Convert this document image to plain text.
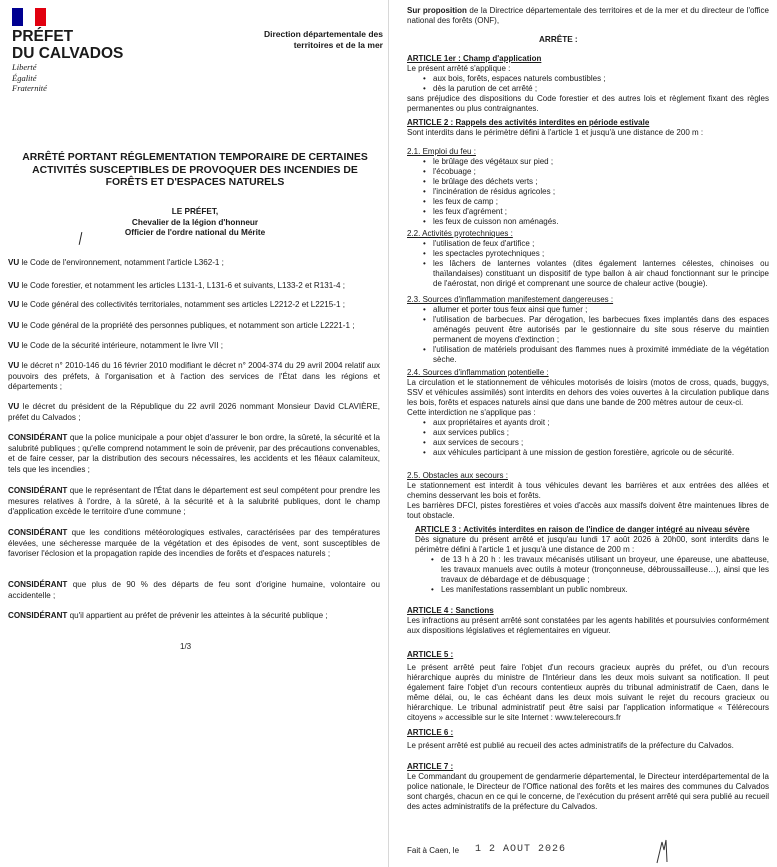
PRÉFET
DU CALVADOS
Liberté
Égalité
Fraternité
Direction départementale des
territoires et de la mer
ARRÊTÉ PORTANT RÉGLEMENTATION TEMPORAIRE DE CERTAINES ACTIVITÉS SUSCEPTIBLES DE PROVOQUER DES INCENDIES DE FORÊTS ET D'ESPACES NATURELS
LE PRÉFET,
Chevalier de la légion d'honneur
Officier de l'ordre national du Mérite
VU le Code de l'environnement, notamment l'article L362-1 ;
VU le Code forestier, et notamment les articles L131-1, L131-6 et suivants, L133-2 et R131-4 ;
VU le Code général des collectivités territoriales, notamment ses articles L2212-2 et L2215-1 ;
VU le Code général de la propriété des personnes publiques, et notamment son article L2221-1 ;
VU le Code de la sécurité intérieure, notamment le livre VII ;
VU le décret n° 2010-146 du 16 février 2010 modifiant le décret n° 2004-374 du 29 avril 2004 relatif aux pouvoirs des préfets, à l'organisation et à l'action des services de l'État dans les régions et départements ;
VU le décret du président de la République du 22 avril 2026 nommant Monsieur David CLAVIÈRE, préfet du Calvados ;
CONSIDÉRANT que la police municipale a pour objet d'assurer le bon ordre, la sûreté, la sécurité et la salubrité publiques ; qu'elle comprend notamment le soin de prévenir, par des précautions convenables, et de faire cesser, par la distribution des secours nécessaires, les accidents et les fléaux calamiteux, tels que les incendies ;
CONSIDÉRANT que le représentant de l'État dans le département est seul compétent pour prendre les mesures relatives à l'ordre, à la sûreté, à la sécurité et à la salubrité publiques, dont le champ d'application excède le territoire d'une commune ;
CONSIDÉRANT que les conditions météorologiques estivales, caractérisées par des températures élevées, une sécheresse marquée de la végétation et des épisodes de vent, sont susceptibles de favoriser l'éclosion et la propagation rapide des incendies de forêts et d'espaces naturels ;
CONSIDÉRANT que plus de 90 % des départs de feu sont d'origine humaine, volontaire ou accidentelle ;
CONSIDÉRANT qu'il appartient au préfet de prévenir les atteintes à la sécurité publique ;
1/3
Sur proposition de la Directrice départementale des territoires et de la mer et du directeur de l'office national des forêts (ONF),
ARRÊTE :
ARTICLE 1er : Champ d'application
Le présent arrêté s'applique :
• aux bois, forêts, espaces naturels combustibles ;
• dès la parution de cet arrêté ;
sans préjudice des dispositions du Code forestier et des autres lois et règlement fixant des règles permanentes ou plus contraignantes.
ARTICLE 2 : Rappels des activités interdites en période estivale
Sont interdits dans le périmètre défini à l'article 1 et jusqu'à une distance de 200 m :
2.1. Emploi du feu :
• le brûlage des végétaux sur pied ;
• l'écobuage ;
• le brûlage des déchets verts ;
• l'incinération de résidus agricoles ;
• les feux de camp ;
• les feux d'agrément ;
• les feux de cuisson non aménagés.
2.2. Activités pyrotechniques :
• l'utilisation de feux d'artifice ;
• les spectacles pyrotechniques ;
• les lâchers de lanternes volantes (dites également lanternes célestes, chinoises ou thaïlandaises) constituant un dispositif de type ballon à air chaud fonctionnant sur le principe de l'aérostat, non dirigé et comprenant une source de chaleur active (bougie).
2.3. Sources d'inflammation manifestement dangereuses :
• allumer et porter tous feux ainsi que fumer ;
• l'utilisation de barbecues. Par dérogation, les barbecues fixes implantés dans des espaces aménagés peuvent être autorisés par le gestionnaire du site sous réserve du maintien permanent de moyens d'extinction ;
• l'utilisation de matériels produisant des flammes nues à proximité immédiate de la végétation sèche.
2.4. Sources d'inflammation potentielle :
La circulation et le stationnement de véhicules motorisés de loisirs (motos de cross, quads, buggys, SSV et véhicules assimilés) sont interdits en dehors des voies ouvertes à la circulation publique dans les bois, forêts et espaces naturels ainsi que dans une bande de 200 mètres autour de ceux-ci.
Cette interdiction ne s'applique pas :
• aux propriétaires et ayants droit ;
• aux services publics ;
• aux services de secours ;
• aux véhicules participant à une mission de gestion forestière, agricole ou de sécurité.
2.5. Obstacles aux secours :
Le stationnement est interdit à tous véhicules devant les barrières et aux entrées des allées et chemins desservant les bois et forêts.
Les barrières DFCI, pistes forestières et voies d'accès aux massifs doivent être maintenues libres de tout obstacle.
ARTICLE 3 : Activités interdites en raison de l'indice de danger intégré au niveau sévère
Dès signature du présent arrêté et jusqu'au lundi 17 août 2026 à 20h00, sont interdits dans le périmètre défini à l'article 1 et jusqu'à une distance de 200 m :
• de 13 h à 20 h : les travaux mécanisés utilisant un broyeur, une épareuse, une abatteuse, les travaux manuels avec outils à moteur (tronçonneuse, débroussailleuse…), ainsi que les travaux de débardage et de débusquage ;
• Les manifestations rassemblant un public nombreux.
ARTICLE 4 : Sanctions
Les infractions au présent arrêté sont constatées par les agents habilités et poursuivies conformément aux dispositions législatives et réglementaires en vigueur.
ARTICLE 5 :
Le présent arrêté peut faire l'objet d'un recours gracieux auprès du préfet, ou d'un recours hiérarchique auprès du ministre de l'Intérieur dans les deux mois suivant sa notification. Il peut également faire l'objet d'un recours contentieux auprès du tribunal administratif de Caen, dans le même délai, ou, le cas échéant dans les deux mois suivant le rejet du recours gracieux ou hiérarchique. Le tribunal administratif peut être saisi par l'application informatique « Télérecours citoyens » accessible sur le site Internet : www.telerecours.fr
ARTICLE 6 :
Le présent arrêté est publié au recueil des actes administratifs de la préfecture du Calvados.
ARTICLE 7 :
Le Commandant du groupement de gendarmerie départemental, le Directeur interdépartemental de la police nationale, le Directeur de l'Office national des forêts et les maires des communes du Calvados sont chargés, chacun en ce qui le concerne, de l'exécution du présent arrêté qui sera publié au recueil des actes administratifs de la préfecture du Calvados.
Fait à Caen, le 1 2 AOUT 2026
